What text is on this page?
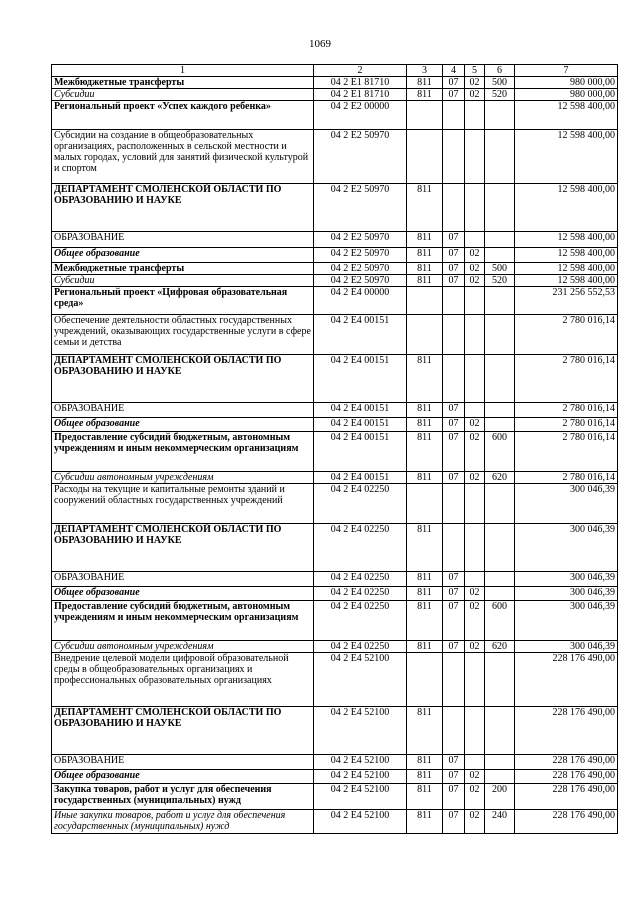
1069
1	2	3	4	5	6	7
Межбюджетные трансферты	04 2 E1 81710	811	07	02	500	980 000,00
Субсидии	04 2 E1 81710	811	07	02	520	980 000,00
Региональный проект «Успех каждого ребенка»	04 2 E2 00000					12 598 400,00
Субсидии на создание в общеобразовательных организациях, расположенных в сельской местности и малых городах, условий для занятий физической культурой и спортом	04 2 E2 50970					12 598 400,00
ДЕПАРТАМЕНТ СМОЛЕНСКОЙ ОБЛАСТИ ПО ОБРАЗОВАНИЮ И НАУКЕ	04 2 E2 50970	811				12 598 400,00
ОБРАЗОВАНИЕ	04 2 E2 50970	811	07			12 598 400,00
Общее образование	04 2 E2 50970	811	07	02		12 598 400,00
Межбюджетные трансферты	04 2 E2 50970	811	07	02	500	12 598 400,00
Субсидии	04 2 E2 50970	811	07	02	520	12 598 400,00
Региональный проект «Цифровая образовательная среда»	04 2 E4 00000					231 256 552,53
Обеспечение деятельности областных государственных учреждений, оказывающих государственные услуги в сфере семьи и детства	04 2 E4 00151					2 780 016,14
ДЕПАРТАМЕНТ СМОЛЕНСКОЙ ОБЛАСТИ ПО ОБРАЗОВАНИЮ И НАУКЕ	04 2 E4 00151	811				2 780 016,14
ОБРАЗОВАНИЕ	04 2 E4 00151	811	07			2 780 016,14
Общее образование	04 2 E4 00151	811	07	02		2 780 016,14
Предоставление субсидий бюджетным, автономным учреждениям и иным некоммерческим организациям	04 2 E4 00151	811	07	02	600	2 780 016,14
Субсидии автономным учреждениям	04 2 E4 00151	811	07	02	620	2 780 016,14
Расходы на текущие и капитальные ремонты зданий и сооружений областных государственных учреждений	04 2 E4 02250					300 046,39
ДЕПАРТАМЕНТ СМОЛЕНСКОЙ ОБЛАСТИ ПО ОБРАЗОВАНИЮ И НАУКЕ	04 2 E4 02250	811				300 046,39
ОБРАЗОВАНИЕ	04 2 E4 02250	811	07			300 046,39
Общее образование	04 2 E4 02250	811	07	02		300 046,39
Предоставление субсидий бюджетным, автономным учреждениям и иным некоммерческим организациям	04 2 E4 02250	811	07	02	600	300 046,39
Субсидии автономным учреждениям	04 2 E4 02250	811	07	02	620	300 046,39
Внедрение целевой модели цифровой образовательной среды в общеобразовательных организациях и профессиональных образовательных организациях	04 2 E4 52100					228 176 490,00
ДЕПАРТАМЕНТ СМОЛЕНСКОЙ ОБЛАСТИ ПО ОБРАЗОВАНИЮ И НАУКЕ	04 2 E4 52100	811				228 176 490,00
ОБРАЗОВАНИЕ	04 2 E4 52100	811	07			228 176 490,00
Общее образование	04 2 E4 52100	811	07	02		228 176 490,00
Закупка товаров, работ и услуг для обеспечения государственных (муниципальных) нужд	04 2 E4 52100	811	07	02	200	228 176 490,00
Иные закупки товаров, работ и услуг для обеспечения государственных (муниципальных) нужд	04 2 E4 52100	811	07	02	240	228 176 490,00
